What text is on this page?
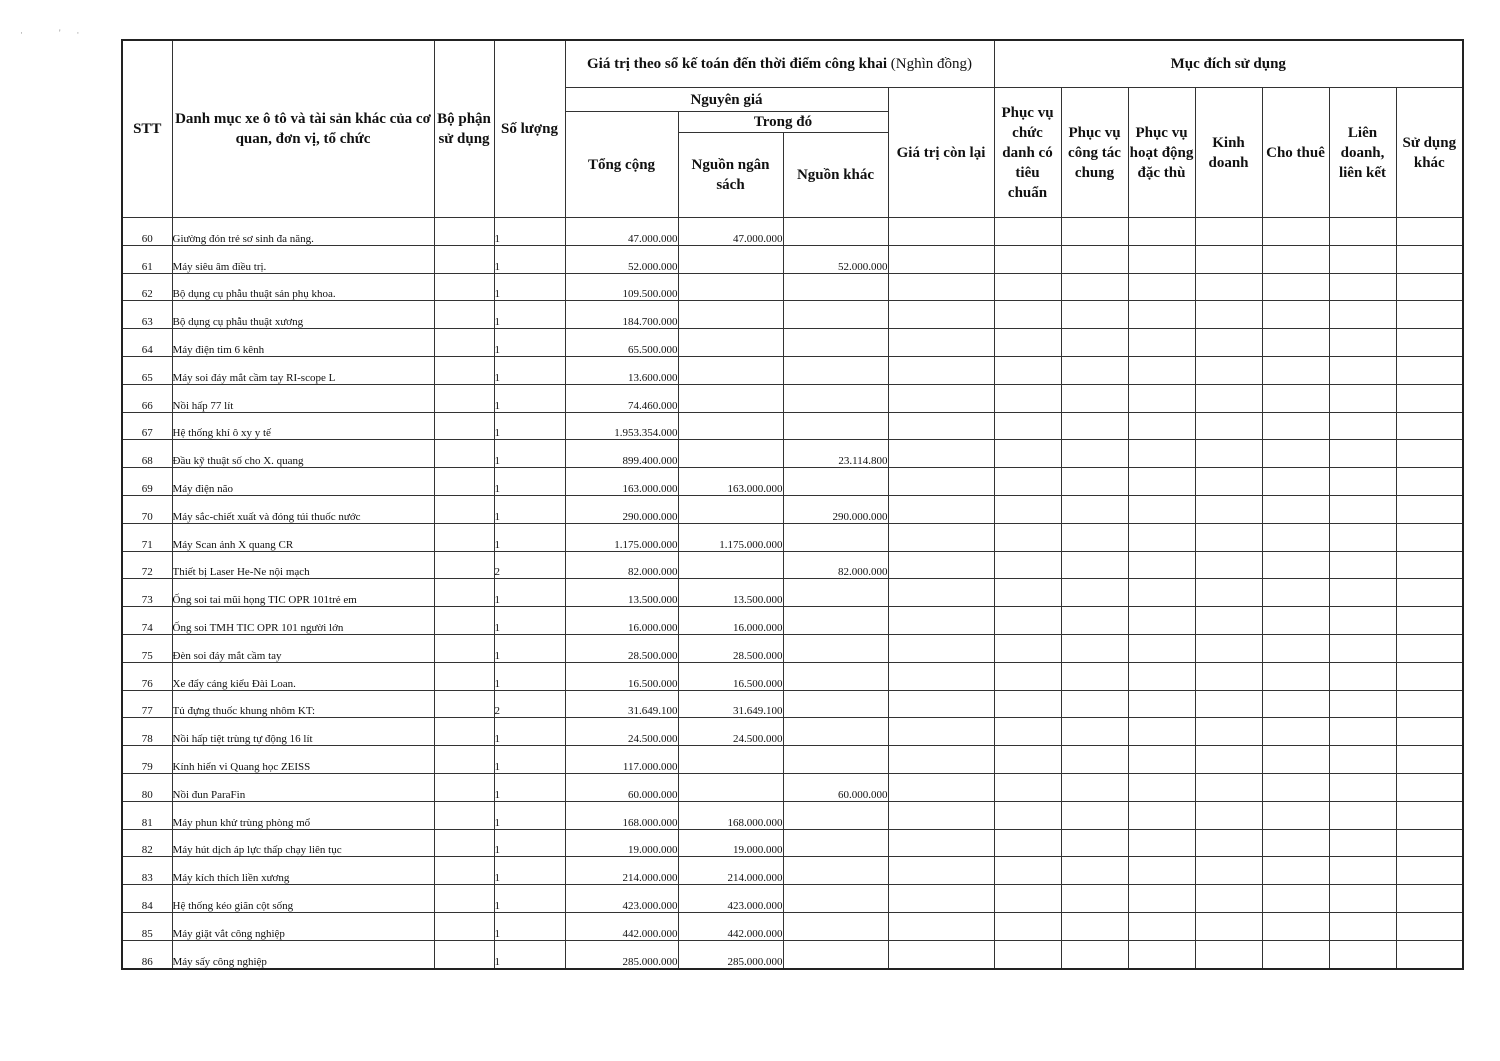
·                '       ·
STT	Danh mục xe ô tô và tài sản khác của cơ quan, đơn vị, tổ chức	Bộ phận sử dụng	Số lượng	Giá trị theo sổ kế toán đến thời điểm công khai (Nghìn đồng)				Mục đích sử dụng						
				Nguyên giá			Giá trị còn lại	Phục vụ chức danh có tiêu chuẩn	Phục vụ công tác chung	Phục vụ hoạt động đặc thù	Kinh doanh	Cho thuê	Liên doanh, liên kết	Sử dụng khác
				Tổng cộng	Trong đó									
					Nguồn ngân sách	Nguồn khác								
60	Giường đón trẻ sơ sinh đa năng.		1	47.000.000	47.000.000									
61	Máy siêu âm điều trị.		1	52.000.000		52.000.000								
62	Bộ dụng cụ phẫu thuật sản phụ khoa.		1	109.500.000										
63	Bộ dụng cụ phẫu thuật xương		1	184.700.000										
64	Máy điện tim 6 kênh		1	65.500.000										
65	Máy soi đáy mắt cầm tay RI-scope L		1	13.600.000										
66	Nồi hấp 77 lít		1	74.460.000										
67	Hệ thống khí ô xy y tế		1	1.953.354.000										
68	Đầu kỹ thuật số cho X. quang		1	899.400.000		23.114.800								
69	Máy điện não		1	163.000.000	163.000.000									
70	Máy sắc-chiết xuất và đóng túi thuốc nước		1	290.000.000		290.000.000								
71	Máy Scan ảnh X quang CR		1	1.175.000.000	1.175.000.000									
72	Thiết bị Laser He-Ne nội mạch		2	82.000.000		82.000.000								
73	Ống soi tai mũi họng TIC OPR 101trẻ em		1	13.500.000	13.500.000									
74	Ống soi TMH TIC OPR 101 người lớn		1	16.000.000	16.000.000									
75	Đèn soi đáy mắt cầm tay		1	28.500.000	28.500.000									
76	Xe đẩy cáng kiểu Đài Loan.		1	16.500.000	16.500.000									
77	Tủ đựng thuốc khung nhôm KT:		2	31.649.100	31.649.100									
78	Nồi hấp tiệt trùng tự động 16 lít		1	24.500.000	24.500.000									
79	Kính hiển vi Quang học ZEISS		1	117.000.000										
80	Nồi đun ParaFin		1	60.000.000		60.000.000								
81	Máy phun khử trùng phòng mổ		1	168.000.000	168.000.000									
82	Máy hút dịch áp lực thấp chạy liên tục		1	19.000.000	19.000.000									
83	Máy kích thích liền xương		1	214.000.000	214.000.000									
84	Hệ thống kéo giãn cột sống		1	423.000.000	423.000.000									
85	Máy giặt vắt công nghiệp		1	442.000.000	442.000.000									
86	Máy sấy công nghiệp		1	285.000.000	285.000.000									
